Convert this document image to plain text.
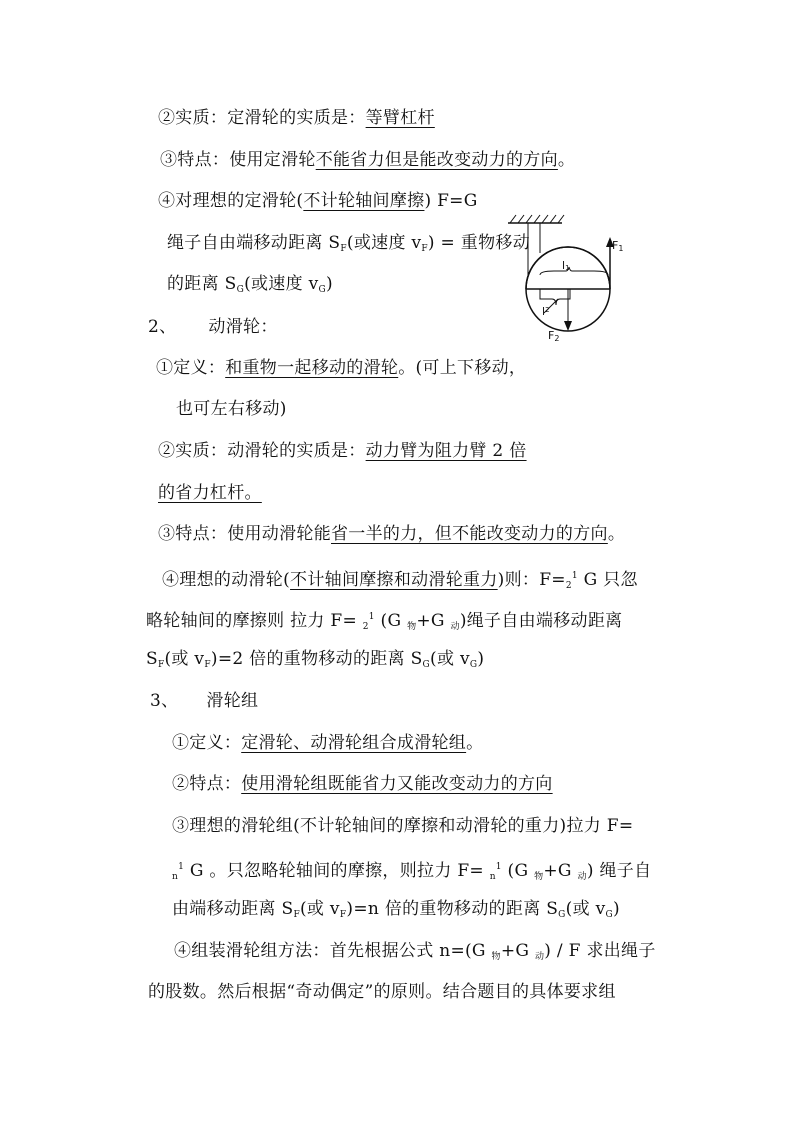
②实质：定滑轮的实质是：等臂杠杆
③特点：使用定滑轮不能省力但是能改变动力的方向。
④对理想的定滑轮(不计轮轴间摩擦) F=G
绳子自由端移动距离 $S_F$(或速度 $v_F$) = 重物移动
的距离 $S_G$(或速度 $v_G$)
F1
l1
$l^2$
F2
2、 动滑轮：
①定义：和重物一起移动的滑轮。(可上下移动，
也可左右移动)
②实质：动滑轮的实质是：动力臂为阻力臂 2 倍
的省力杠杆。
③特点：使用动滑轮能省一半的力，但不能改变动力的方向。
④理想的动滑轮(不计轴间摩擦和动滑轮重力)则：$F=_2^1$ G 只忽
略轮轴间的摩擦则 拉力 F= $_2^1$ (G $_物$+G $_动$)绳子自由端移动距离
$S_F$(或 $v_F)=2$ 倍的重物移动的距离 $S_G$(或 $v_G$)
3、 滑轮组
①定义：定滑轮、动滑轮组合成滑轮组。
②特点：使用滑轮组既能省力又能改变动力的方向
③理想的滑轮组(不计轮轴间的摩擦和动滑轮的重力)拉力 F=
$_n^1$ G 。只忽略轮轴间的摩擦，则拉力 F= $_n^1$ (G $_物$+G $_动$) 绳子自
由端移动距离 $S_F$(或 $v_F)=n$ 倍的重物移动的距离 $S_G$(或 $v_G$)
④组装滑轮组方法：首先根据公式 n=(G $_物$+G $_动$) / F 求出绳子
的股数。然后根据“奇动偶定”的原则。结合题目的具体要求组
